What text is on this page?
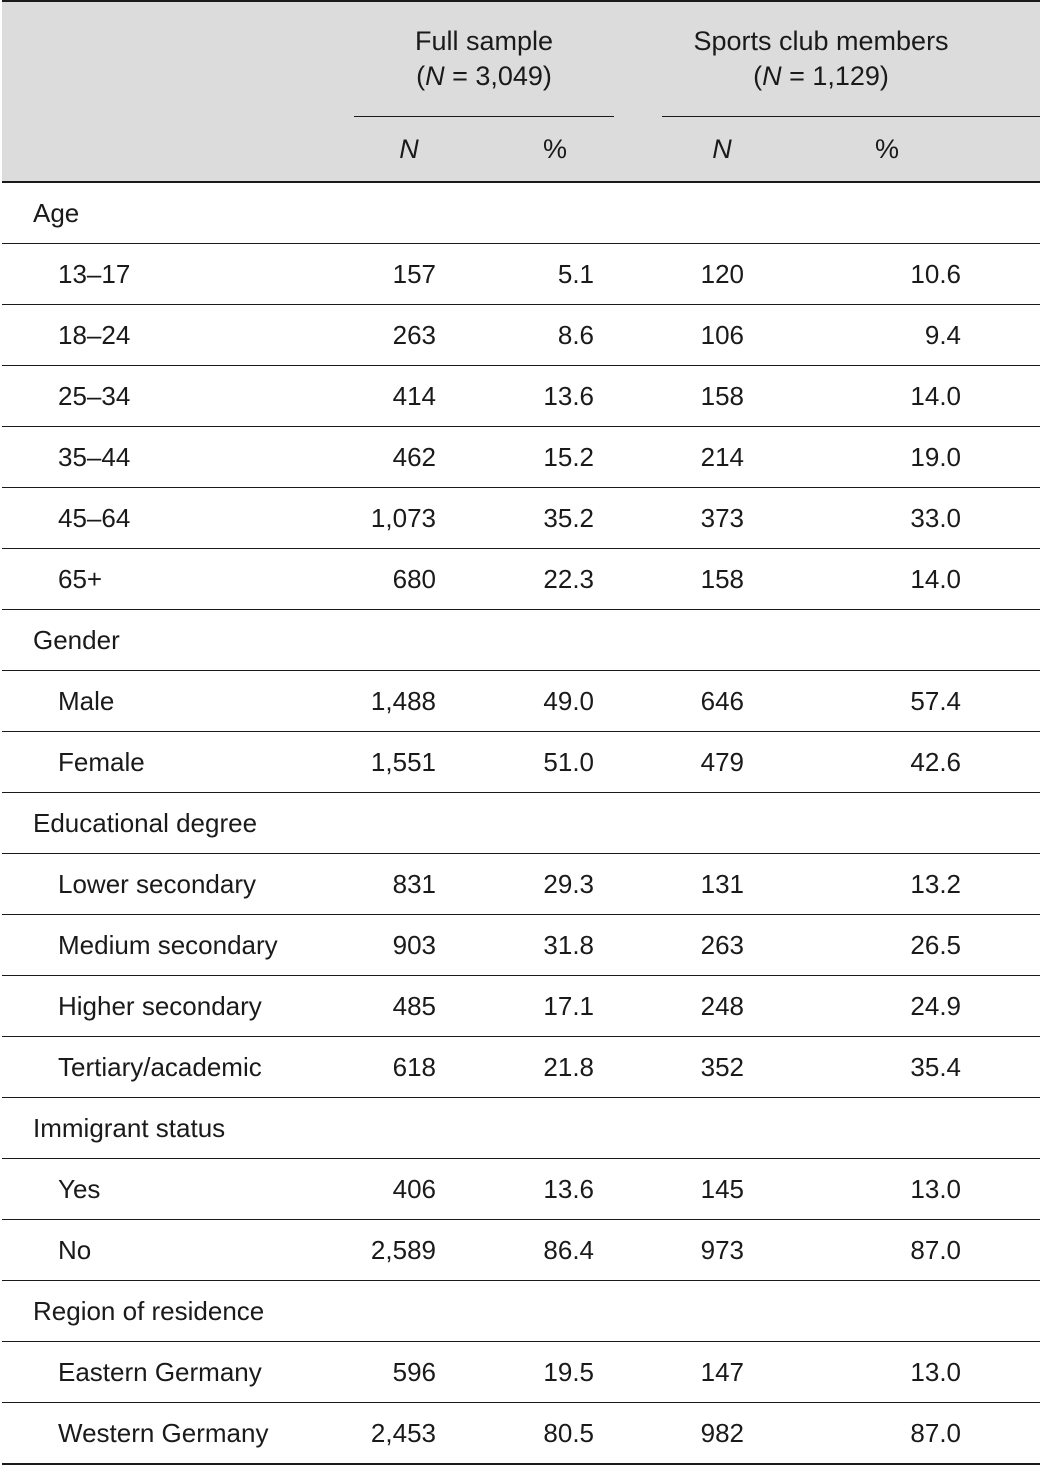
	Full sample
(N = 3,049)			Sports club members
(N = 1,129)	

	N	%		N	%
Age					
13–17	157	5.1		120	10.6
18–24	263	8.6		106	9.4
25–34	414	13.6		158	14.0
35–44	462	15.2		214	19.0
45–64	1,073	35.2		373	33.0
65+	680	22.3		158	14.0
Gender					
Male	1,488	49.0		646	57.4
Female	1,551	51.0		479	42.6
Educational degree					
Lower secondary	831	29.3		131	13.2
Medium secondary	903	31.8		263	26.5
Higher secondary	485	17.1		248	24.9
Tertiary/academic	618	21.8		352	35.4
Immigrant status					
Yes	406	13.6		145	13.0
No	2,589	86.4		973	87.0
Region of residence					
Eastern Germany	596	19.5		147	13.0
Western Germany	2,453	80.5		982	87.0
